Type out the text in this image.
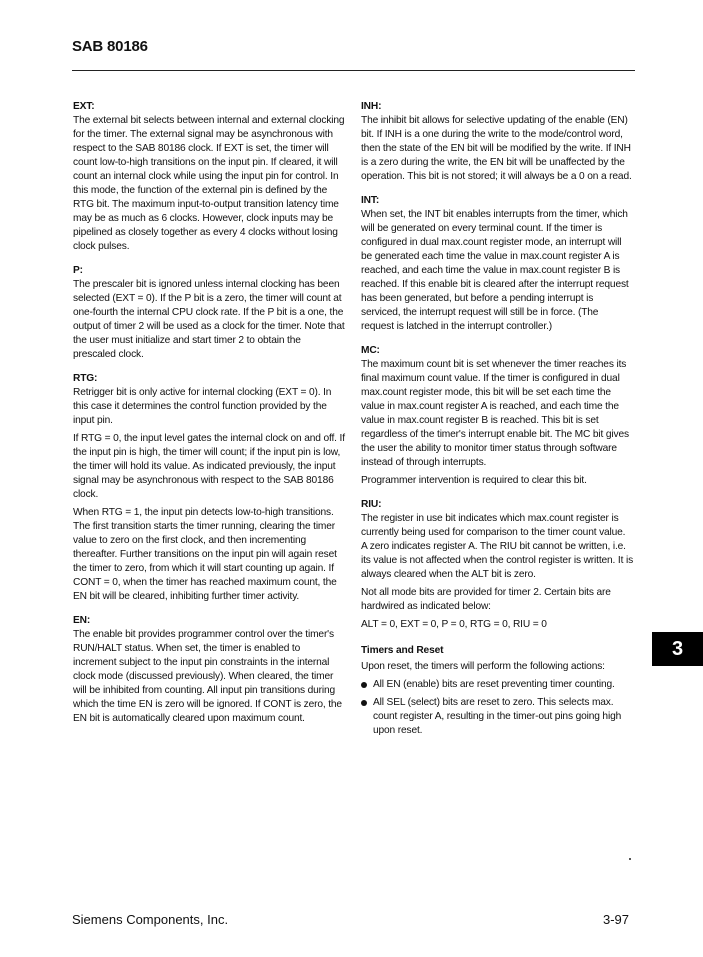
SAB 80186

EXT:

The external bit selects between internal and external clocking for the timer. The external signal may be asynchronous with respect to the SAB 80186 clock. If EXT is set, the timer will count low-to-high transitions on the input pin. If cleared, it will count an internal clock while using the input pin for control. In this mode, the function of the external pin is defined by the RTG bit. The maximum input-to-output transition latency time may be as much as 6 clocks. However, clock inputs may be pipelined as closely together as every 4 clocks without losing clock pulses.

P:

The prescaler bit is ignored unless internal clocking has been selected (EXT = 0). If the P bit is a zero, the timer will count at one-fourth the internal CPU clock rate. If the P bit is a one, the output of timer 2 will be used as a clock for the timer. Note that the user must initialize and start timer 2 to obtain the prescaled clock.

RTG:

Retrigger bit is only active for internal clocking (EXT = 0). In this case it determines the control function provided by the input pin.

If RTG = 0, the input level gates the internal clock on and off. If the input pin is high, the timer will count; if the input pin is low, the timer will hold its value. As indicated previously, the input signal may be asynchronous with respect to the SAB 80186 clock.

When RTG = 1, the input pin detects low-to-high transitions. The first transition starts the timer running, clearing the timer value to zero on the first clock, and then incrementing thereafter. Further transitions on the input pin will again reset the timer to zero, from which it will start counting up again. If CONT = 0, when the timer has reached maximum count, the EN bit will be cleared, inhibiting further timer activity.

EN:

The enable bit provides programmer control over the timer's RUN/HALT status. When set, the timer is enabled to increment subject to the input pin constraints in the internal clock mode (discussed previously). When cleared, the timer will be inhibited from counting. All input pin transitions during which the time EN is zero will be ignored. If CONT is zero, the EN bit is automatically cleared upon maximum count.

INH:

The inhibit bit allows for selective updating of the enable (EN) bit. If INH is a one during the write to the mode/control word, then the state of the EN bit will be modified by the write. If INH is a zero during the write, the EN bit will be unaffected by the operation. This bit is not stored; it will always be a 0 on a read.

INT:

When set, the INT bit enables interrupts from the timer, which will be generated on every terminal count. If the timer is configured in dual max.count register mode, an interrupt will be generated each time the value in max.count register A is reached, and each time the value in max.count register B is reached. If this enable bit is cleared after the interrupt request has been generated, but before a pending interrupt is serviced, the interrupt request will still be in force. (The request is latched in the interrupt controller.)

MC:

The maximum count bit is set whenever the timer reaches its final maximum count value. If the timer is configured in dual max.count register mode, this bit will be set each time the value in max.count register A is reached, and each time the value in max.count register B is reached. This bit is set regardless of the timer's interrupt enable bit. The MC bit gives the user the ability to monitor timer status through software instead of through interrupts.

Programmer intervention is required to clear this bit.

RIU:

The register in use bit indicates which max.count register is currently being used for comparison to the timer count value. A zero indicates register A. The RIU bit cannot be written, i.e. its value is not affected when the control register is written. It is always cleared when the ALT bit is zero.

Not all mode bits are provided for timer 2. Certain bits are hardwired as indicated below:

ALT = 0, EXT = 0, P = 0, RTG = 0, RIU = 0

Timers and Reset

Upon reset, the timers will perform the following actions:

All EN (enable) bits are reset preventing timer counting.
All SEL (select) bits are reset to zero. This selects max. count register A, resulting in the timer-out pins going high upon reset.
3
Siemens Components, Inc.	3-97
